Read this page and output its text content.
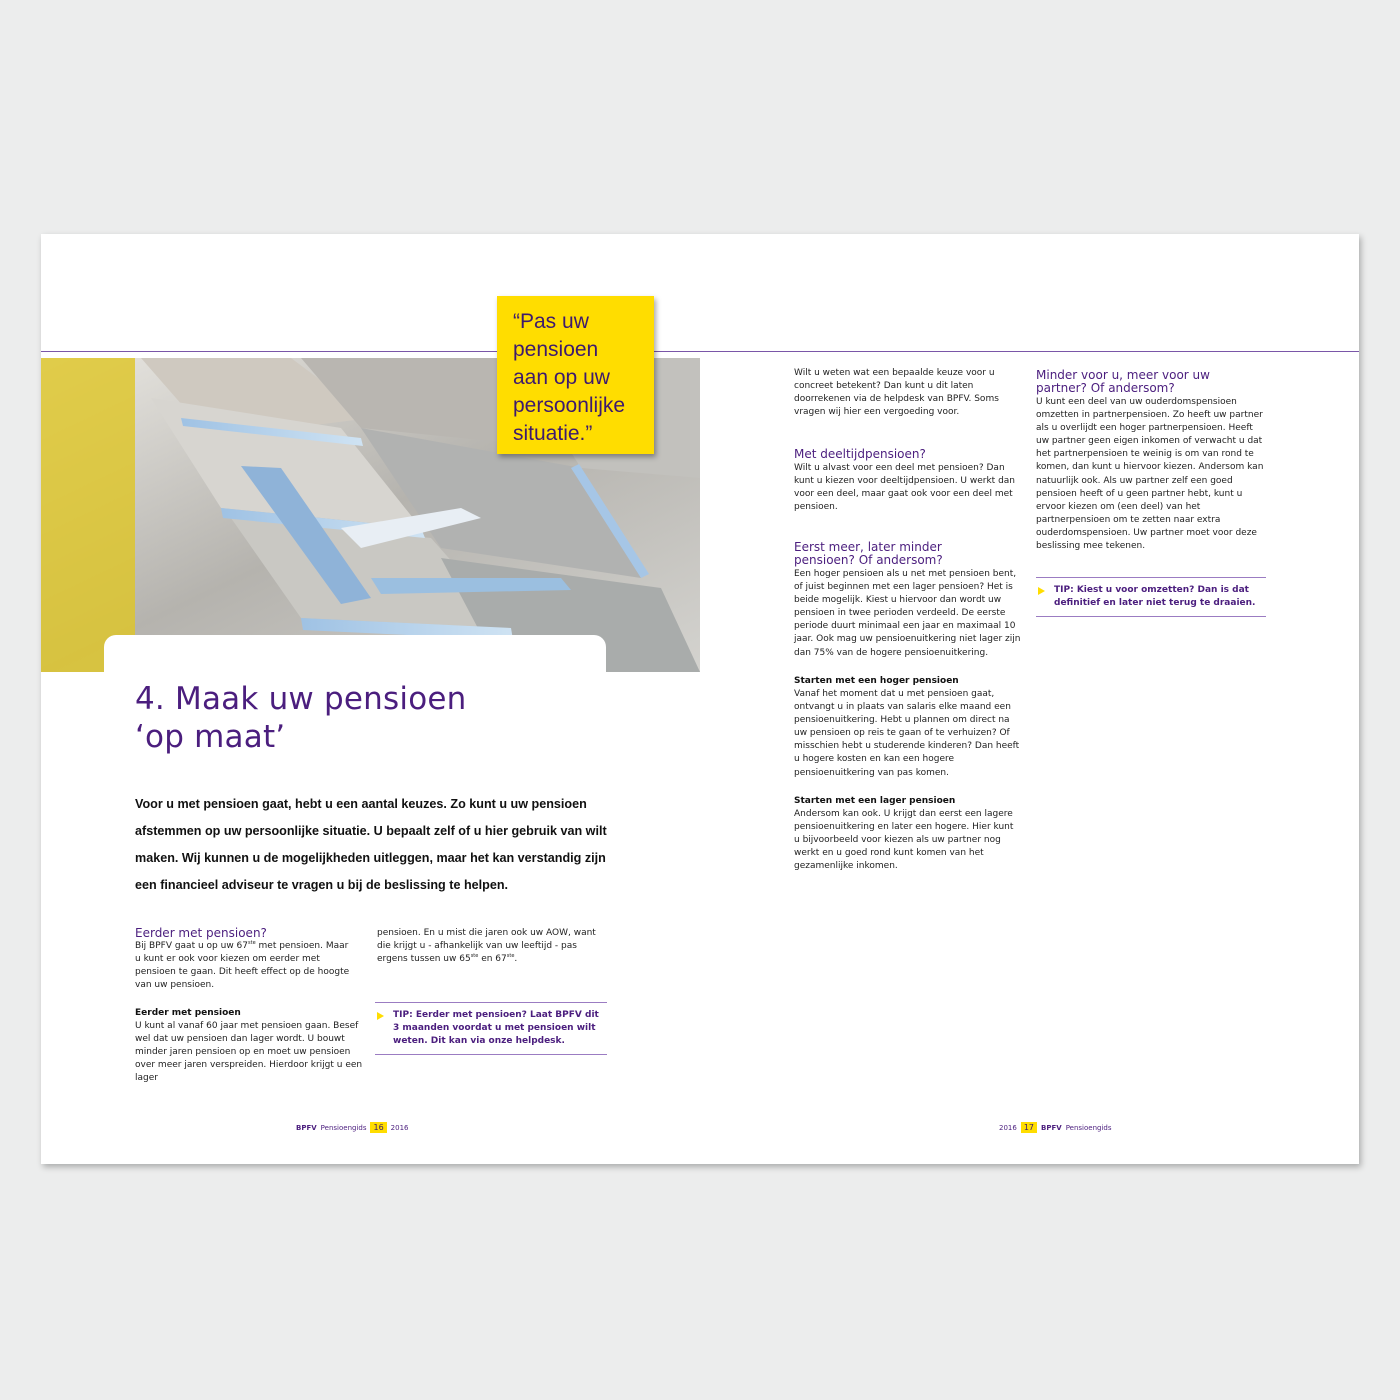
“Pas uw

pensioen

aan op uw

persoonlijke

situatie.”

4. Maak uw pensioen
‘op maat’

Voor u met pensioen gaat, hebt u een aantal keuzes. Zo kunt u uw pensioen afstemmen op uw persoonlijke situatie. U bepaalt zelf of u hier gebruik van wilt maken. Wij kunnen u de mogelijkheden uitleggen, maar het kan verstandig zijn een financieel adviseur te vragen u bij de beslissing te helpen.

Eerder met pensioen?

Bij BPFV gaat u op uw 67ste met pensioen. Maar u kunt er ook voor kiezen om eerder met pensioen te gaan. Dit heeft effect op de hoogte van uw pensioen.

Eerder met pensioen

U kunt al vanaf 60 jaar met pensioen gaan. Besef wel dat uw pensioen dan lager wordt. U bouwt minder jaren pensioen op en moet uw pensioen over meer jaren verspreiden. Hierdoor krijgt u een lager

pensioen. En u mist die jaren ook uw AOW, want die krijgt u - afhankelijk van uw leeftijd - pas ergens tussen uw 65ste en 67ste.

TIP: Eerder met pensioen? Laat BPFV dit 3 maanden voordat u met pensioen wilt weten. Dit kan via onze helpdesk.

BPFV Pensioengids 16	2016

Wilt u weten wat een bepaalde keuze voor u concreet betekent? Dan kunt u dit laten doorrekenen via de helpdesk van BPFV. Soms vragen wij hier een vergoeding voor.

Met deeltijdpensioen?

Wilt u alvast voor een deel met pensioen? Dan kunt u kiezen voor deeltijdpensioen. U werkt dan voor een deel, maar gaat ook voor een deel met pensioen.

Eerst meer, later minder
pensioen? Of andersom?

Een hoger pensioen als u net met pensioen bent, of juist beginnen met een lager pensioen? Het is beide mogelijk. Kiest u hiervoor dan wordt uw pensioen in twee perioden verdeeld. De eerste periode duurt minimaal een jaar en maximaal 10 jaar. Ook mag uw pensioenuitkering niet lager zijn dan 75% van de hogere pensioenuitkering.

Starten met een hoger pensioen

Vanaf het moment dat u met pensioen gaat, ontvangt u in plaats van salaris elke maand een pensioenuitkering. Hebt u plannen om direct na uw pensioen op reis te gaan of te verhuizen? Of misschien hebt u studerende kinderen? Dan heeft u hogere kosten en kan een hogere pensioenuitkering van pas komen.

Starten met een lager pensioen

Andersom kan ook. U krijgt dan eerst een lagere pensioenuitkering en later een hogere. Hier kunt u bijvoorbeeld voor kiezen als uw partner nog werkt en u goed rond kunt komen van het gezamenlijke inkomen.

Minder voor u, meer voor uw
partner? Of andersom?

U kunt een deel van uw ouderdomspensioen omzetten in partnerpensioen. Zo heeft uw partner als u overlijdt een hoger partnerpensioen. Heeft uw partner geen eigen inkomen of verwacht u dat het partnerpensioen te weinig is om van rond te komen, dan kunt u hiervoor kiezen. Andersom kan natuurlijk ook. Als uw partner zelf een goed pensioen heeft of u geen partner hebt, kunt u ervoor kiezen om (een deel) van het partnerpensioen om te zetten naar extra ouderdomspensioen. Uw partner moet voor deze beslissing mee tekenen.

TIP: Kiest u voor omzetten? Dan is dat definitief en later niet terug te draaien.

2016 17	BPFV Pensioengids
